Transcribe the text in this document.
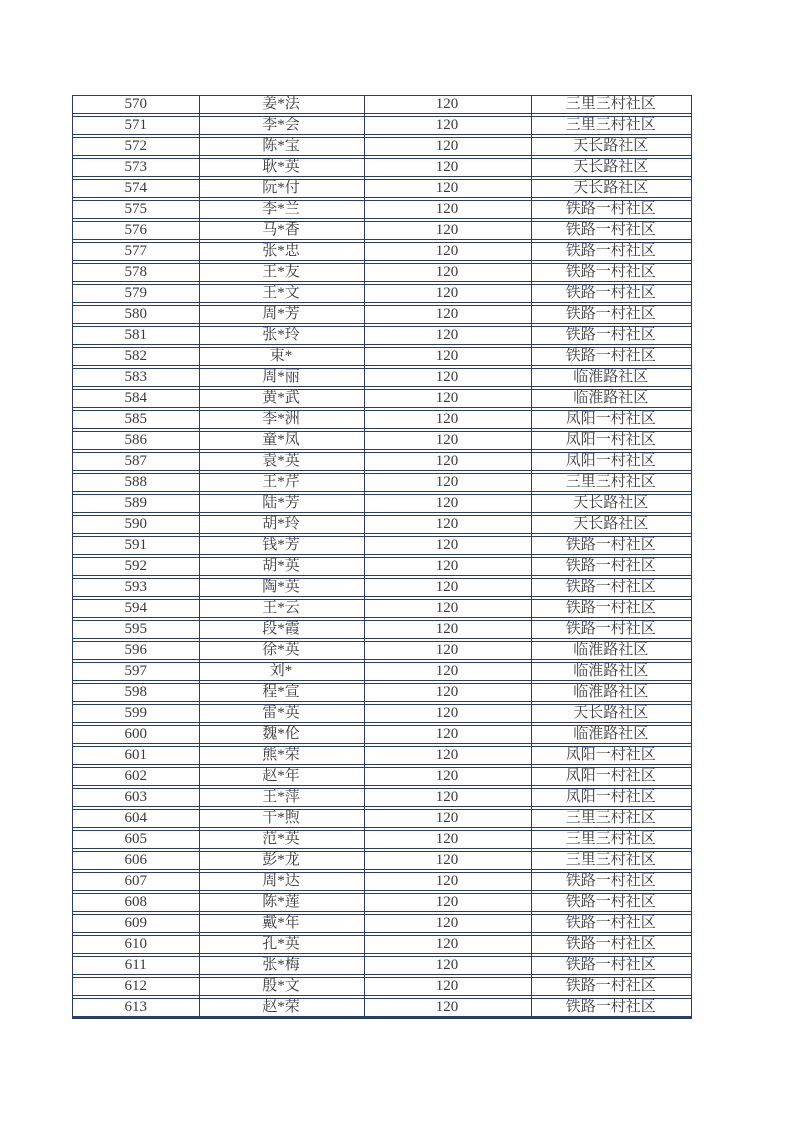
570	姜*法	120	三里三村社区
571	李*会	120	三里三村社区
572	陈*宝	120	天长路社区
573	耿*英	120	天长路社区
574	阮*付	120	天长路社区
575	李*兰	120	铁路一村社区
576	马*香	120	铁路一村社区
577	张*忠	120	铁路一村社区
578	王*友	120	铁路一村社区
579	王*文	120	铁路一村社区
580	周*芳	120	铁路一村社区
581	张*玲	120	铁路一村社区
582	束*	120	铁路一村社区
583	周*丽	120	临淮路社区
584	黄*武	120	临淮路社区
585	李*洲	120	凤阳一村社区
586	童*凤	120	凤阳一村社区
587	袁*英	120	凤阳一村社区
588	王*芹	120	三里三村社区
589	陆*芳	120	天长路社区
590	胡*玲	120	天长路社区
591	钱*芳	120	铁路一村社区
592	胡*英	120	铁路一村社区
593	陶*英	120	铁路一村社区
594	王*云	120	铁路一村社区
595	段*霞	120	铁路一村社区
596	徐*英	120	临淮路社区
597	刘*	120	临淮路社区
598	程*宣	120	临淮路社区
599	雷*英	120	天长路社区
600	魏*伦	120	临淮路社区
601	熊*荣	120	凤阳一村社区
602	赵*年	120	凤阳一村社区
603	王*萍	120	凤阳一村社区
604	干*煦	120	三里三村社区
605	范*英	120	三里三村社区
606	彭*龙	120	三里三村社区
607	周*达	120	铁路一村社区
608	陈*莲	120	铁路一村社区
609	戴*年	120	铁路一村社区
610	孔*英	120	铁路一村社区
611	张*梅	120	铁路一村社区
612	殷*文	120	铁路一村社区
613	赵*荣	120	铁路一村社区
